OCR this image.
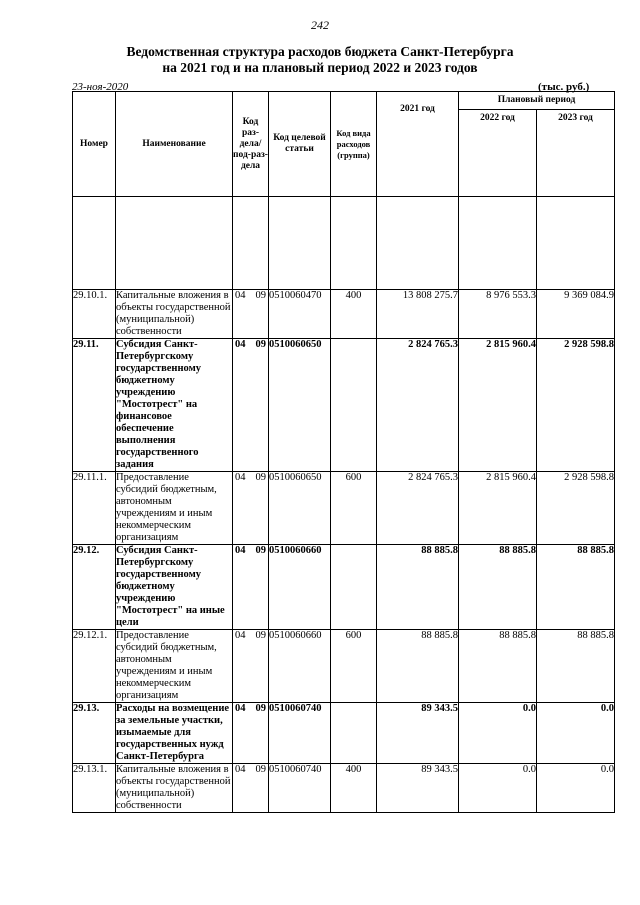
242
Ведомственная структура расходов бюджета Санкт-Петербурга
на 2021 год и на плановый период 2022 и 2023 годов
23-ноя-2020	(тыс. руб.)
Номер	Наименование	Код раз-дела/ под-раз-дела	Код целевой статьи	Код вида расходов (группа)	2021 год	Плановый период	
						2022 год	2023 год

29.10.1.	Капитальные вложения в объекты государственной (муниципальной) собственности	04 09	0510060470	400	13 808 275.7	8 976 553.3	9 369 084.9
29.11.	Субсидия Санкт-Петербургскому государственному бюджетному учреждению "Мостотрест" на финансовое обеспечение выполнения государственного задания	04 09	0510060650		2 824 765.3	2 815 960.4	2 928 598.8
29.11.1.	Предоставление субсидий бюджетным, автономным учреждениям и иным некоммерческим организациям	04 09	0510060650	600	2 824 765.3	2 815 960.4	2 928 598.8
29.12.	Субсидия Санкт-Петербургскому государственному бюджетному учреждению "Мостотрест" на иные цели	04 09	0510060660		88 885.8	88 885.8	88 885.8
29.12.1.	Предоставление субсидий бюджетным, автономным учреждениям и иным некоммерческим организациям	04 09	0510060660	600	88 885.8	88 885.8	88 885.8
29.13.	Расходы на возмещение за земельные участки, изымаемые для государственных нужд Санкт-Петербурга	04 09	0510060740		89 343.5	0.0	0.0
29.13.1.	Капитальные вложения в объекты государственной (муниципальной) собственности	04 09	0510060740	400	89 343.5	0.0	0.0
